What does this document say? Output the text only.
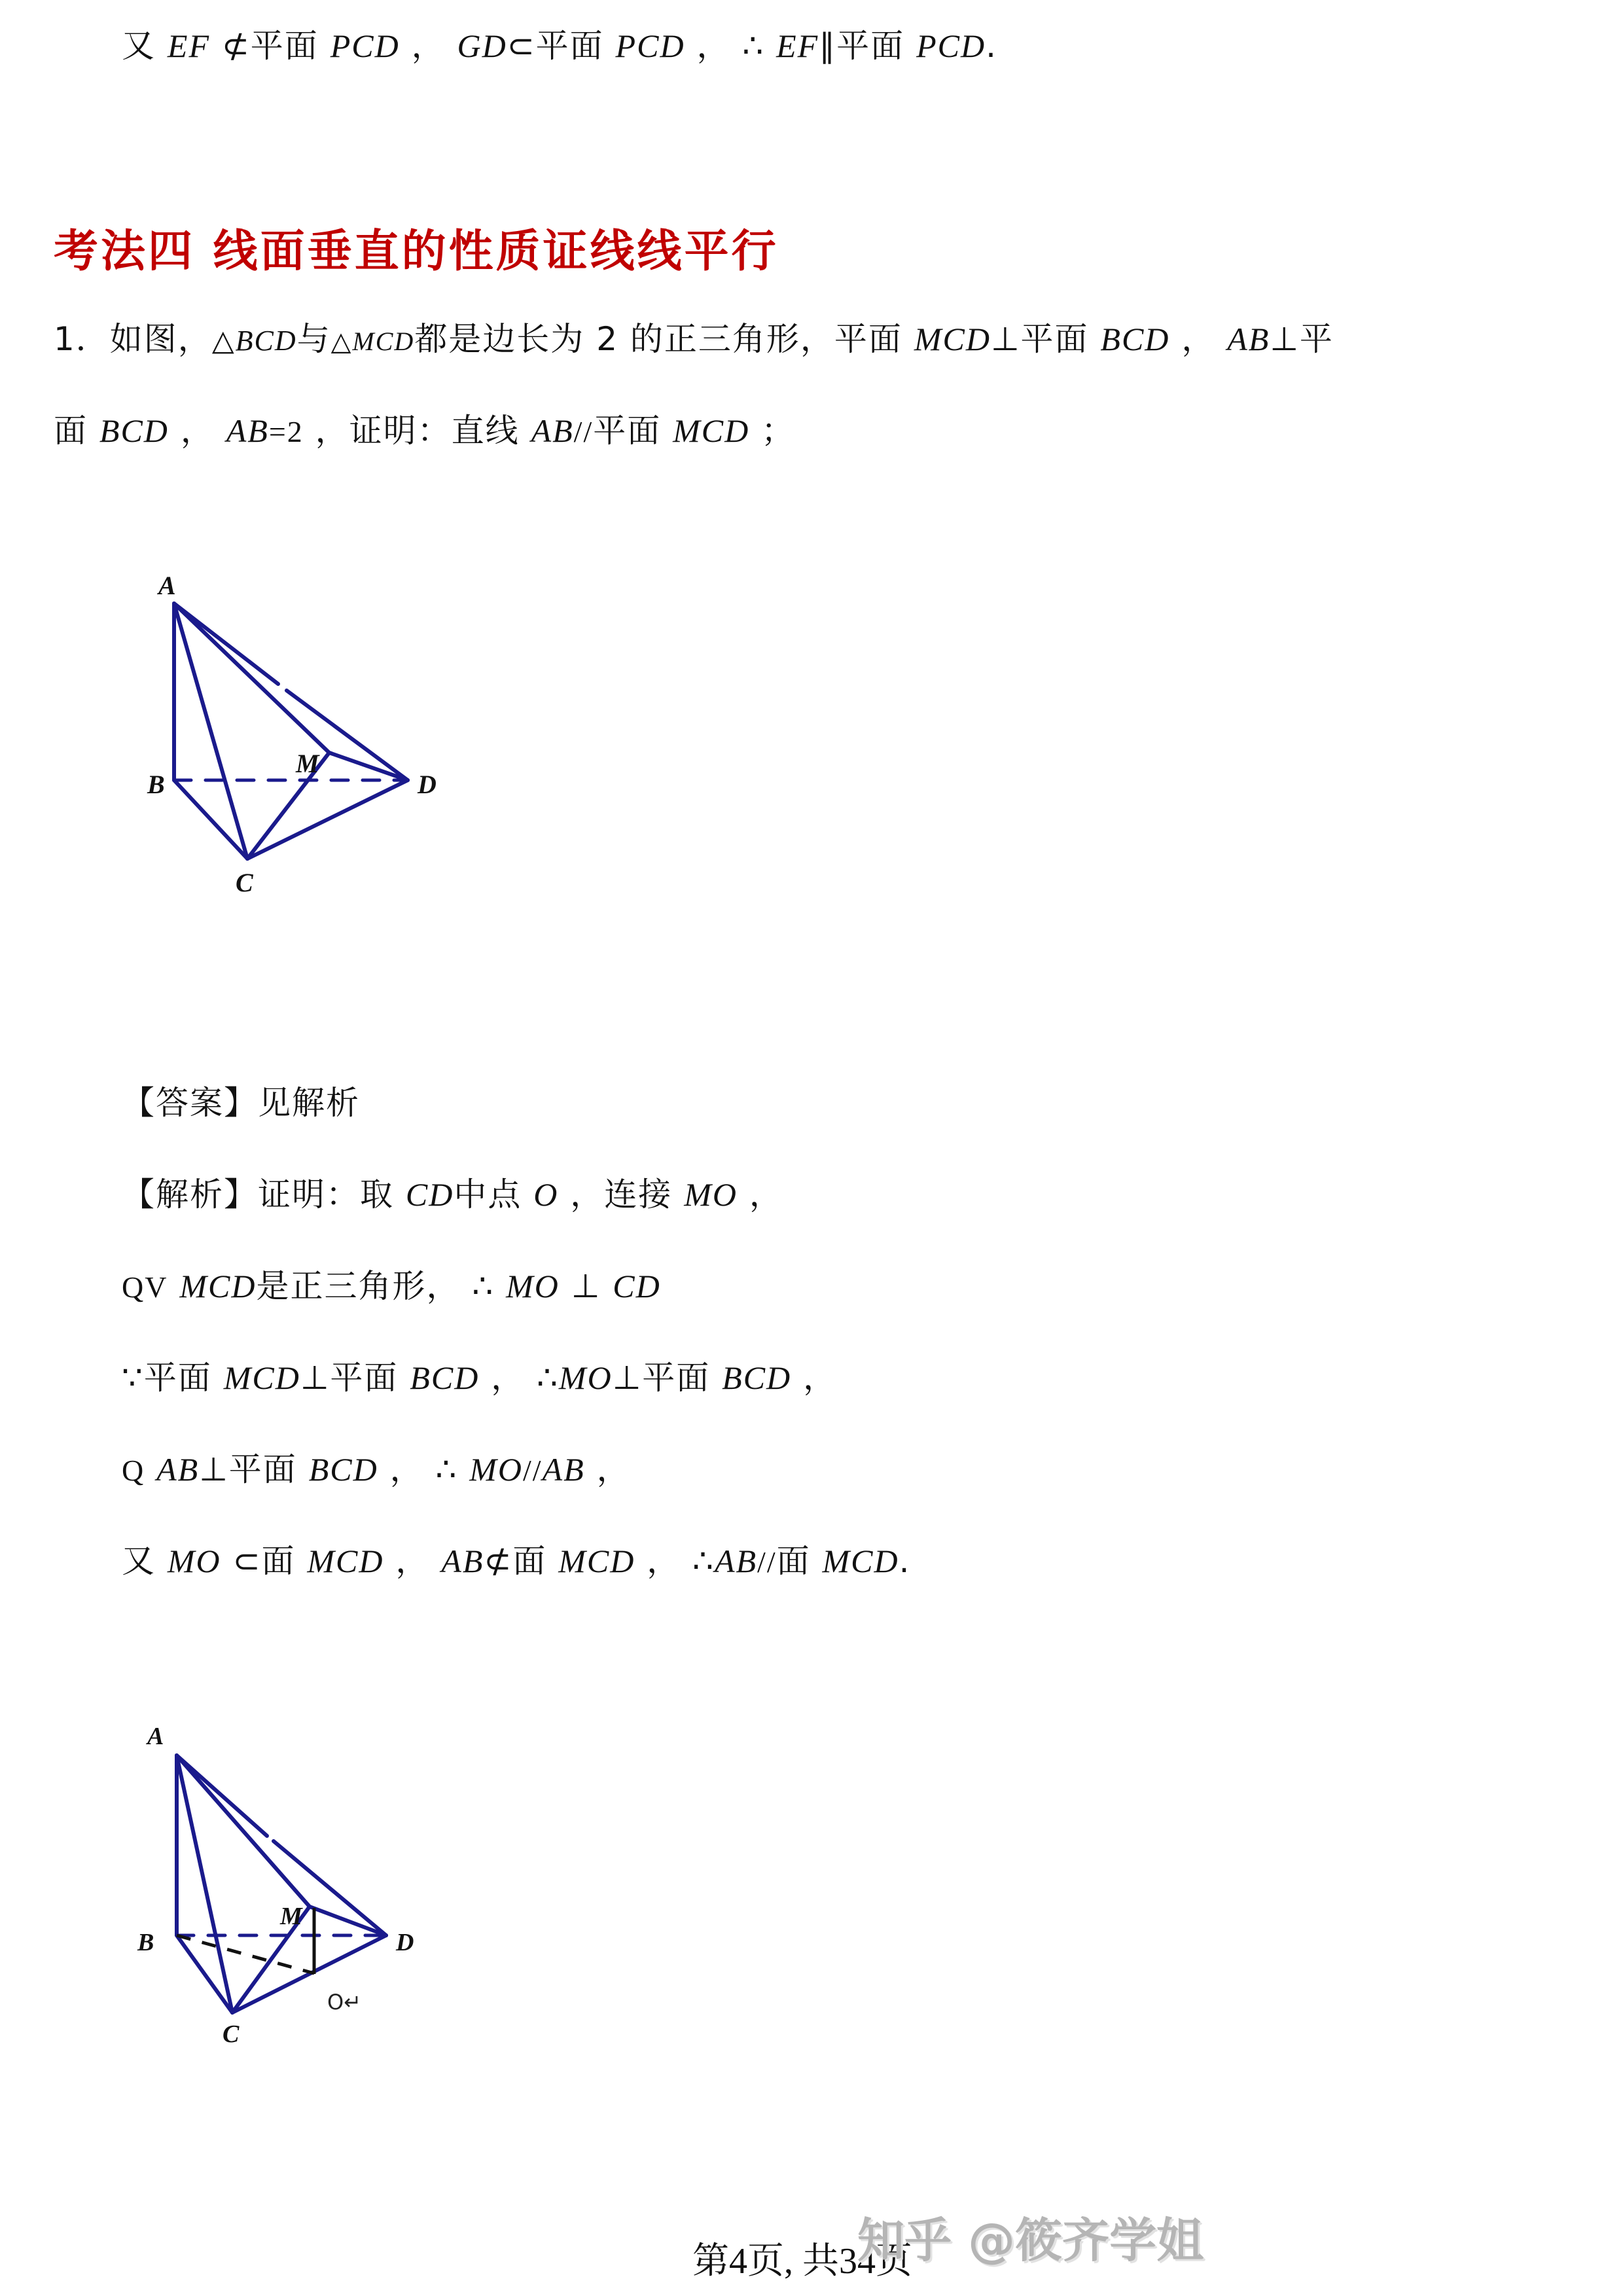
又 EF ⊄平面 PCD ， GD⊂平面 PCD ， ∴ EF∥平面 PCD.
考法四 线面垂直的性质证线线平行
1．如图，△BCD与△MCD都是边长为 2 的正三角形，平面 MCD⊥平面 BCD ， AB⊥平
面 BCD ， AB=2 ，证明：直线 AB//平面 MCD ；
A
B
C
D
M
【答案】见解析
【解析】证明：取 CD中点 O ，连接 MO ，
QV MCD是正三角形， ∴ MO ⊥ CD
∵平面 MCD⊥平面 BCD ， ∴MO⊥平面 BCD ，
Q AB⊥平面 BCD ， ∴ MO//AB ，
又 MO ⊂面 MCD ， AB⊄面 MCD ， ∴AB//面 MCD.
A
B
C
D
M
O↵
第4页, 共34页
知乎 @筱齐学姐
